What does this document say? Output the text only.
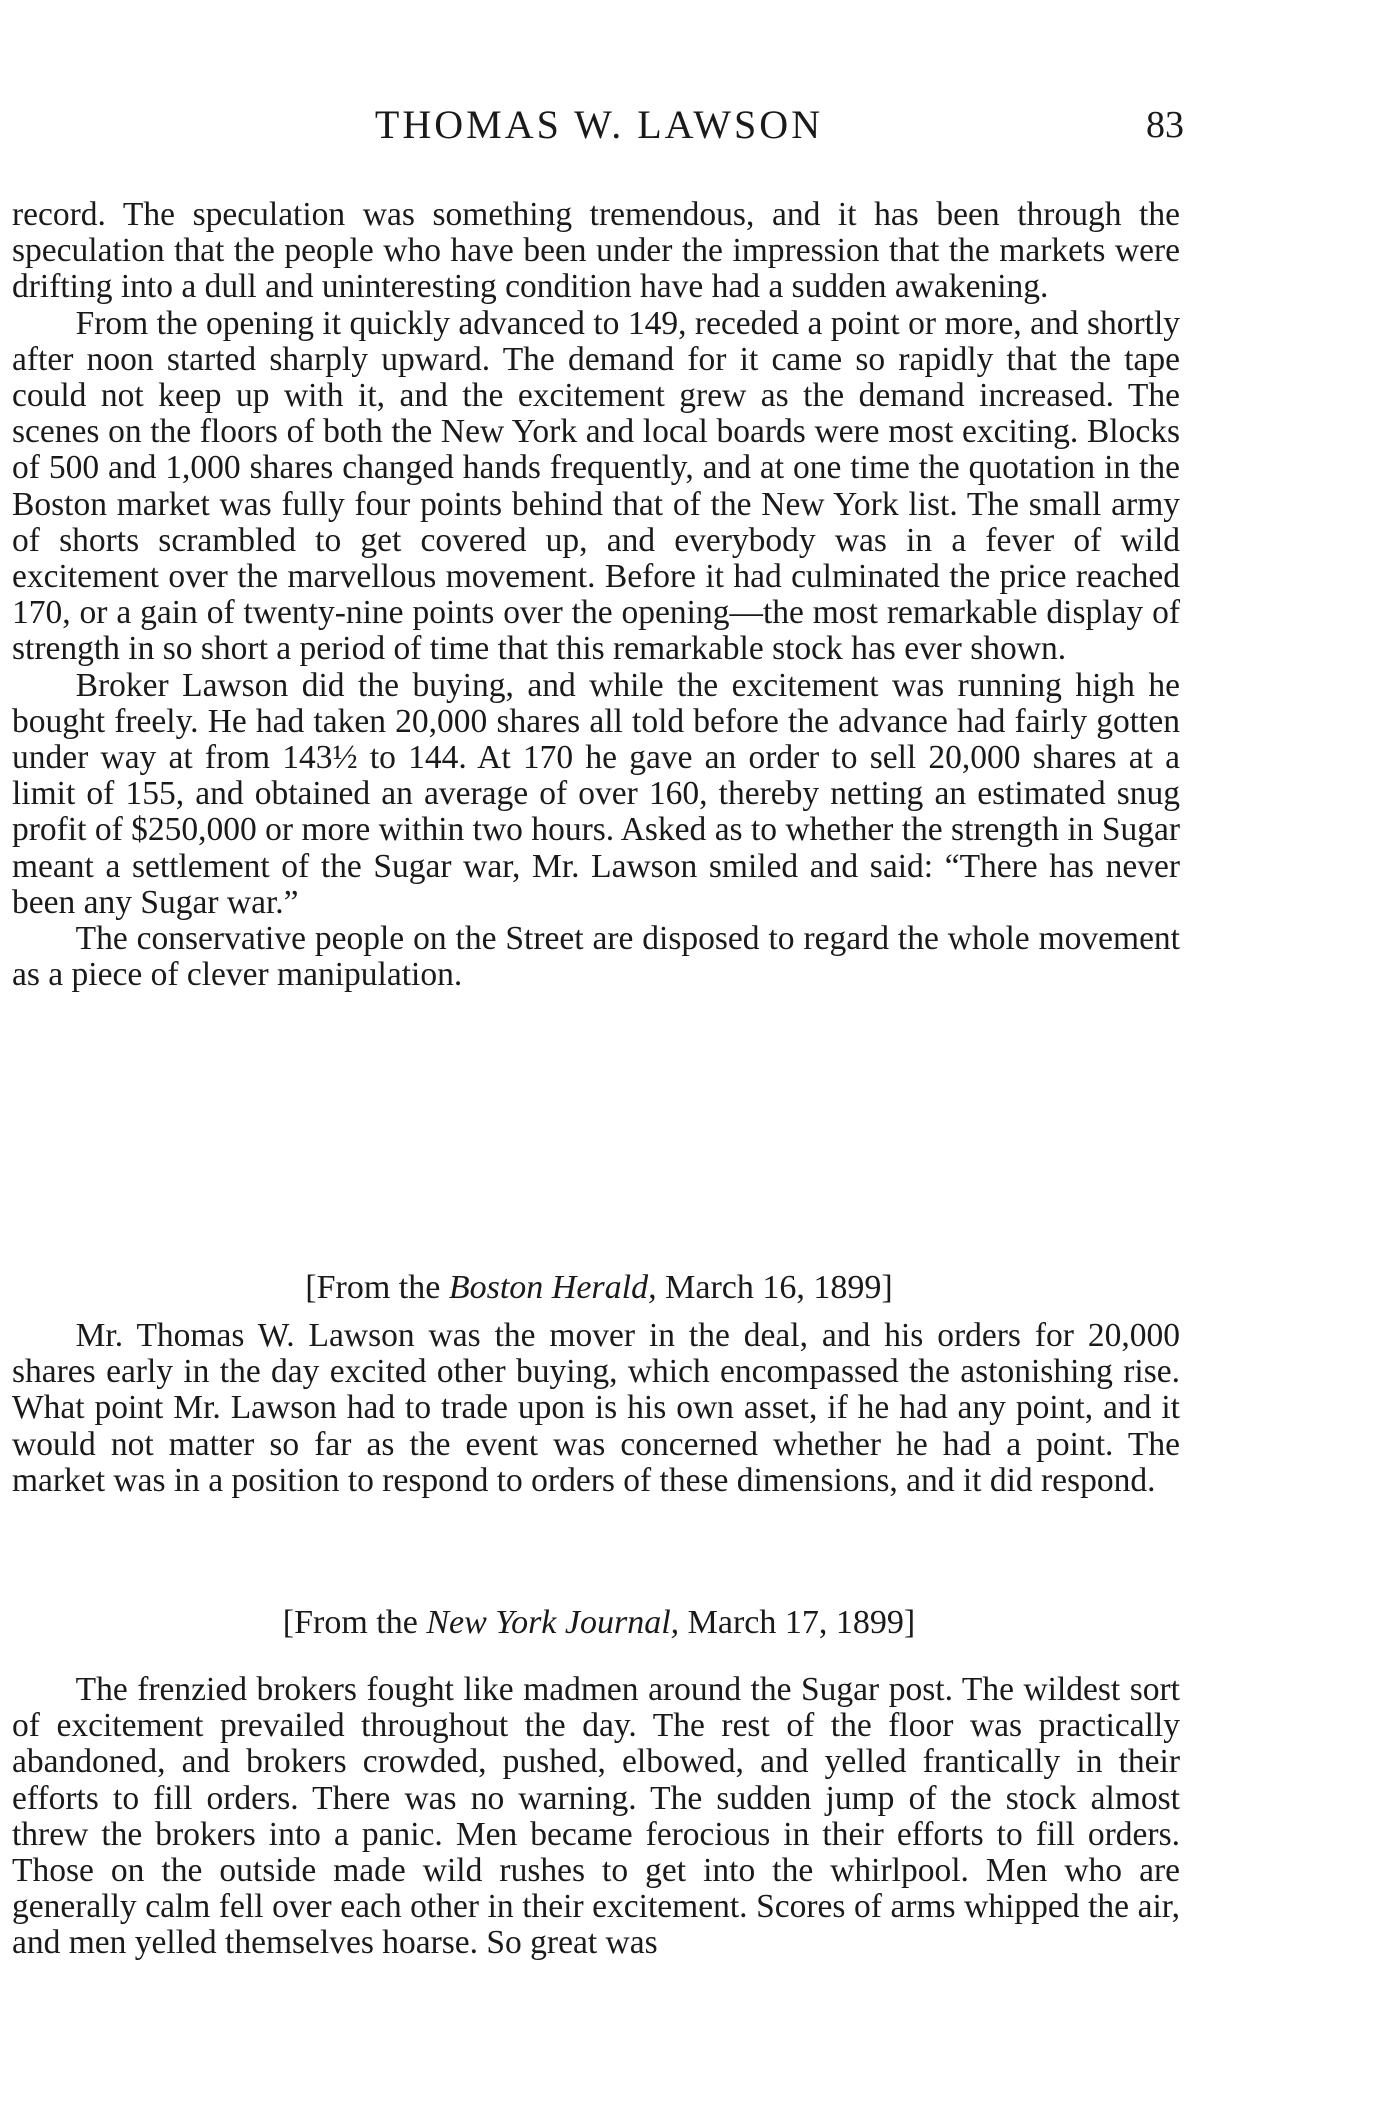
THOMAS W. LAWSON	83

record. The speculation was something tremendous, and it has been through the speculation that the people who have been under the impression that the markets were drifting into a dull and uninteresting condition have had a sudden awakening.

From the opening it quickly advanced to 149, receded a point or more, and shortly after noon started sharply upward. The demand for it came so rapidly that the tape could not keep up with it, and the excitement grew as the demand increased. The scenes on the floors of both the New York and local boards were most exciting. Blocks of 500 and 1,000 shares changed hands frequently, and at one time the quotation in the Boston market was fully four points behind that of the New York list. The small army of shorts scrambled to get covered up, and everybody was in a fever of wild excitement over the marvellous movement. Before it had culminated the price reached 170, or a gain of twenty-nine points over the opening—the most remarkable display of strength in so short a period of time that this remarkable stock has ever shown.

Broker Lawson did the buying, and while the excitement was running high he bought freely. He had taken 20,000 shares all told before the advance had fairly gotten under way at from 143½ to 144. At 170 he gave an order to sell 20,000 shares at a limit of 155, and obtained an average of over 160, thereby netting an estimated snug profit of $250,000 or more within two hours. Asked as to whether the strength in Sugar meant a settlement of the Sugar war, Mr. Lawson smiled and said: “There has never been any Sugar war.”

The conservative people on the Street are disposed to regard the whole movement as a piece of clever manipulation.

[From the Boston Herald, March 16, 1899]

Mr. Thomas W. Lawson was the mover in the deal, and his orders for 20,000 shares early in the day excited other buying, which encompassed the astonishing rise. What point Mr. Lawson had to trade upon is his own asset, if he had any point, and it would not matter so far as the event was concerned whether he had a point. The market was in a position to respond to orders of these dimensions, and it did respond.

[From the New York Journal, March 17, 1899]

The frenzied brokers fought like madmen around the Sugar post. The wildest sort of excitement prevailed throughout the day. The rest of the floor was practically abandoned, and brokers crowded, pushed, elbowed, and yelled frantically in their efforts to fill orders. There was no warning. The sudden jump of the stock almost threw the brokers into a panic. Men became ferocious in their efforts to fill orders. Those on the outside made wild rushes to get into the whirlpool. Men who are generally calm fell over each other in their excitement. Scores of arms whipped the air, and men yelled themselves hoarse. So great was
